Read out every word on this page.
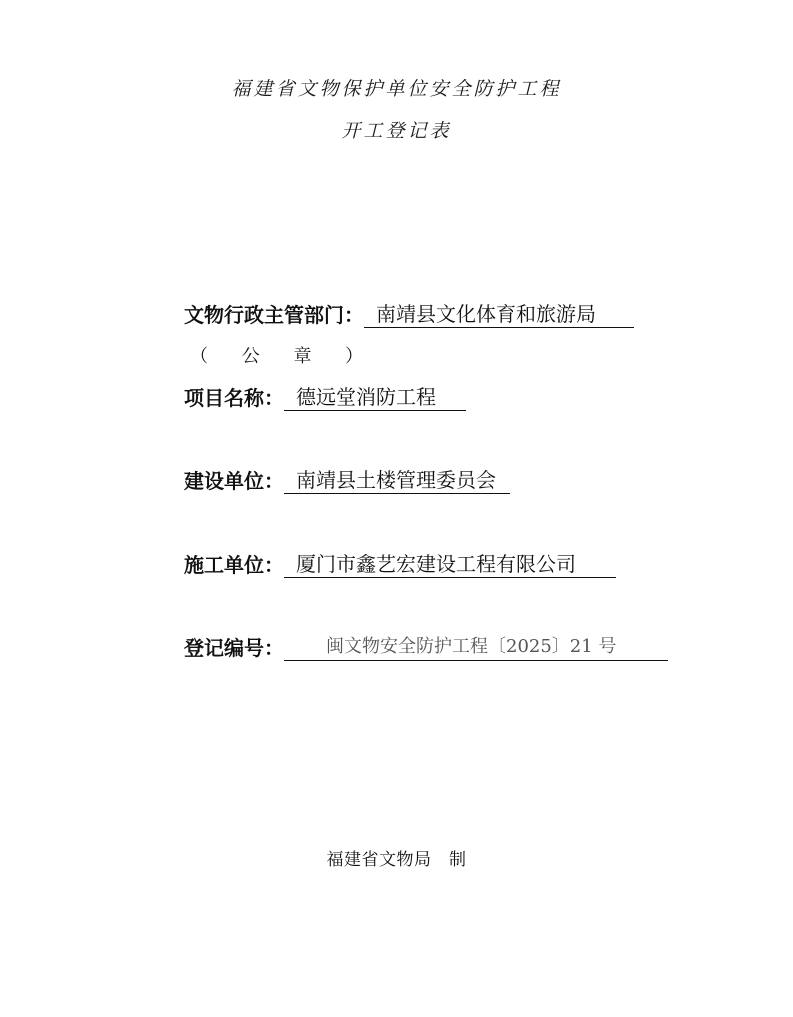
福建省文物保护单位安全防护工程
开工登记表
文物行政主管部门： 南靖县文化体育和旅游局
（ 公 章 ）
项目名称： 德远堂消防工程
建设单位： 南靖县土楼管理委员会
施工单位： 厦门市鑫艺宏建设工程有限公司
登记编号： 闽文物安全防护工程〔2025〕21 号
福建省文物局　制
